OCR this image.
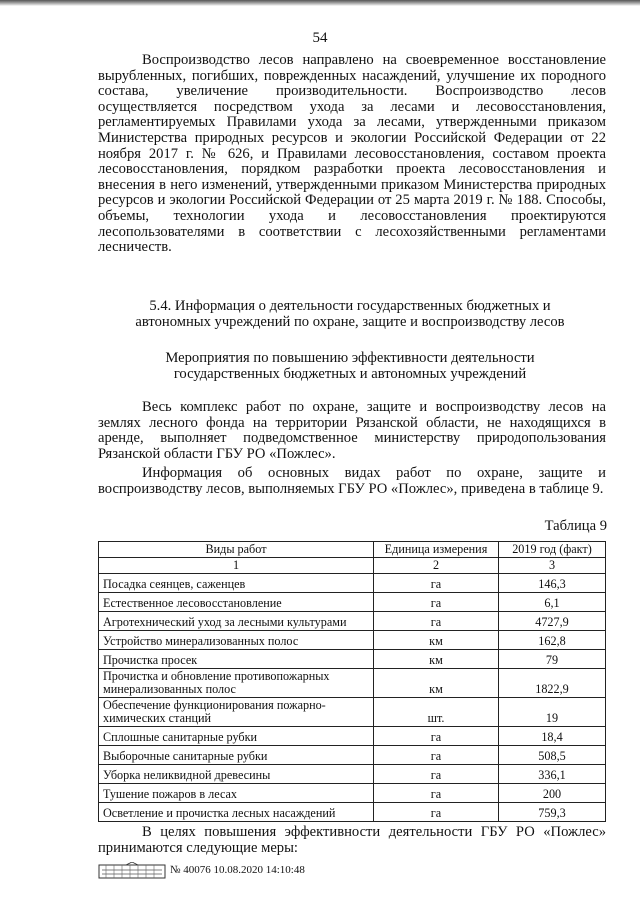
54

Воспроизводство лесов направлено на своевременное восстановление вырубленных, погибших, поврежденных насаждений, улучшение их породного состава, увеличение производительности. Воспроизводство лесов осуществляется посредством ухода за лесами и лесовосстановления, регламентируемых Правилами ухода за лесами, утвержденными приказом Министерства природных ресурсов и экологии Российской Федерации от 22 ноября 2017 г. № 626, и Правилами лесовосстановления, составом проекта лесовосстановления, порядком разработки проекта лесовосстановления и внесения в него изменений, утвержденными приказом Министерства природных ресурсов и экологии Российской Федерации от 25 марта 2019 г. № 188. Способы, объемы, технологии ухода и лесовосстановления проектируются лесопользователями в соответствии с лесохозяйственными регламентами лесничеств.

5.4. Информация о деятельности государственных бюджетных и
автономных учреждений по охране, защите и воспроизводству лесов
Мероприятия по повышению эффективности деятельности
государственных бюджетных и автономных учреждений

Весь комплекс работ по охране, защите и воспроизводству лесов на землях лесного фонда на территории Рязанской области, не находящихся в аренде, выполняет подведомственное министерству природопользования Рязанской области ГБУ РО «Пожлес».

Информация об основных видах работ по охране, защите и воспроизводству лесов, выполняемых ГБУ РО «Пожлес», приведена в таблице 9.

Таблица 9
Виды работ	Единица измерения	2019 год (факт)
1	2	3
Посадка сеянцев, саженцев	га	146,3
Естественное лесовосстановление	га	6,1
Агротехнический уход за лесными культурами	га	4727,9
Устройство минерализованных полос	км	162,8
Прочистка просек	км	79
Прочистка и обновление противопожарных минерализованных полос	км	1822,9
Обеспечение функционирования пожарно-химических станций	шт.	19
Сплошные санитарные рубки	га	18,4
Выборочные санитарные рубки	га	508,5
Уборка неликвидной древесины	га	336,1
Тушение пожаров в лесах	га	200
Осветление и прочистка лесных насаждений	га	759,3

В целях повышения эффективности деятельности ГБУ РО «Пожлес» принимаются следующие меры:

№ 40076 10.08.2020 14:10:48
